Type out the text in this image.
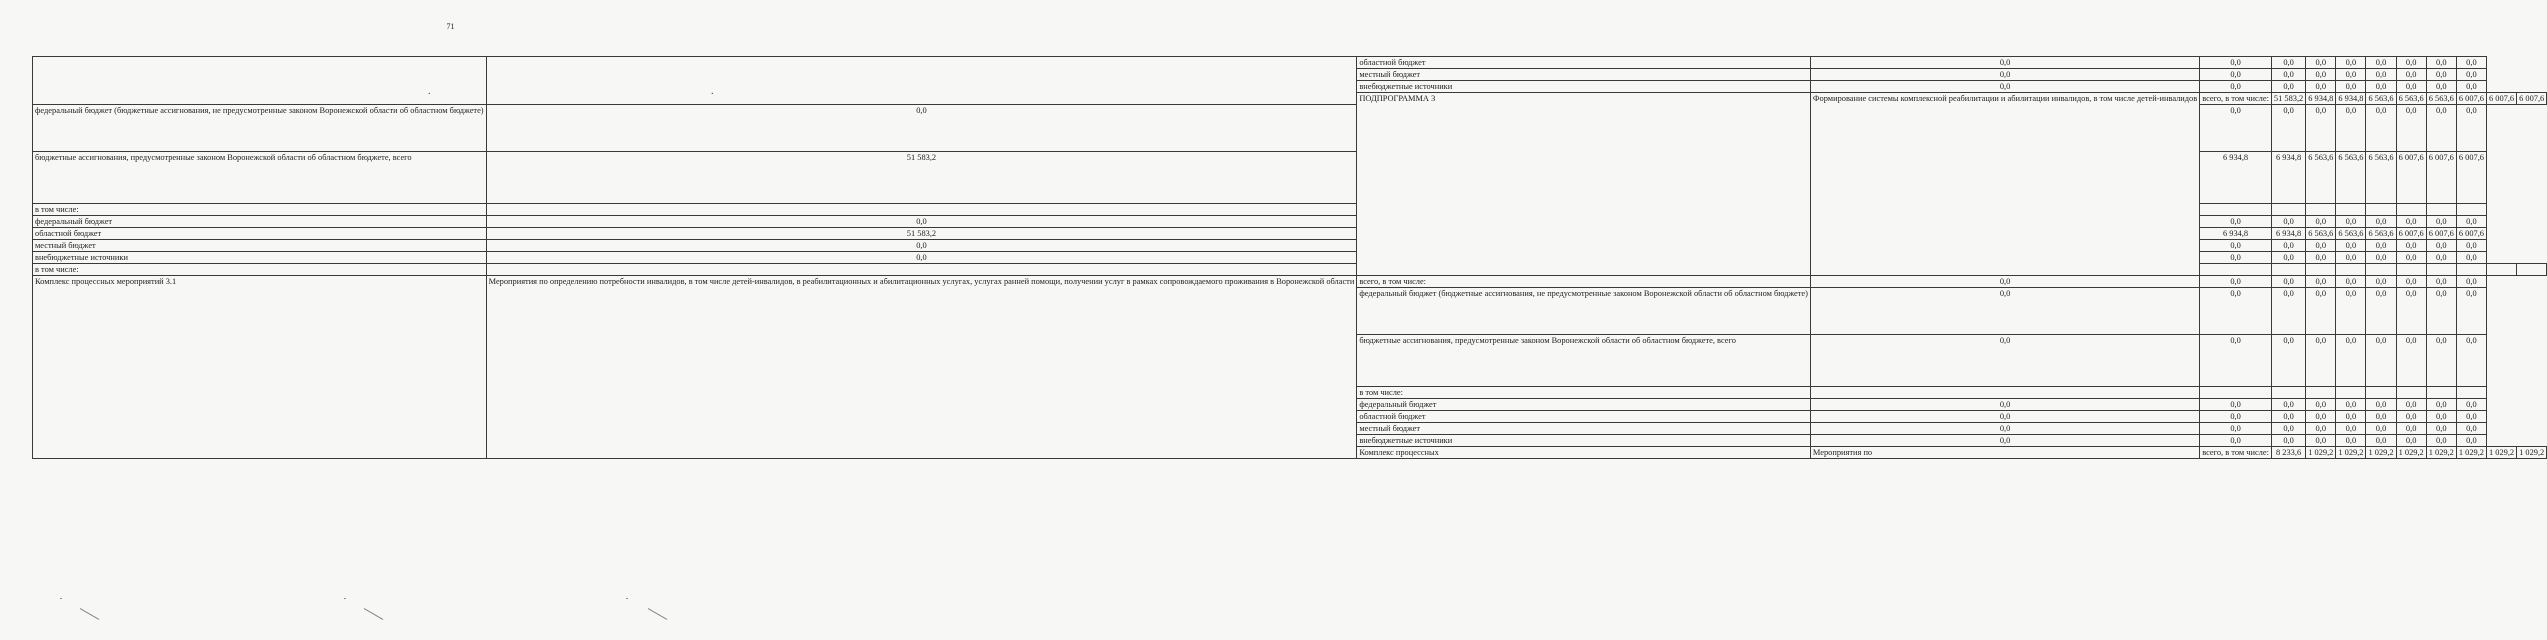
71
		областной бюджет	0,0	0,0	0,0	0,0	0,0	0,0	0,0	0,0	0,0		
		местный бюджет	0,0	0,0	0,0	0,0	0,0	0,0	0,0	0,0	0,0		
		внебюджетные источники	0,0	0,0	0,0	0,0	0,0	0,0	0,0	0,0	0,0		
		ПОДПРОГРАММА 3	Формирование системы комплексной реабилитации и абилитации инвалидов, в том числе детей-инвалидов	всего, в том числе:	51 583,2	6 934,8	6 934,8	6 563,6	6 563,6	6 563,6	6 007,6	6 007,6	6 007,6
федеральный бюджет (бюджетные ассигнования, не предусмотренные законом Воронежской области об областном бюджете)	0,0			0,0	0,0	0,0	0,0	0,0	0,0	0,0	0,0		
бюджетные ассигнования, предусмотренные законом Воронежской области об областном бюджете, всего	51 583,2			6 934,8	6 934,8	6 563,6	6 563,6	6 563,6	6 007,6	6 007,6	6 007,6		
в том числе:													
федеральный бюджет	0,0			0,0	0,0	0,0	0,0	0,0	0,0	0,0	0,0		
областной бюджет	51 583,2			6 934,8	6 934,8	6 563,6	6 563,6	6 563,6	6 007,6	6 007,6	6 007,6		
местный бюджет	0,0			0,0	0,0	0,0	0,0	0,0	0,0	0,0	0,0		
внебюджетные источники	0,0			0,0	0,0	0,0	0,0	0,0	0,0	0,0	0,0		
в том числе:													
Комплекс процессных мероприятий 3.1	Мероприятия по определению потребности инвалидов, в том числе детей-инвалидов, в реабилитационных и абилитационных услугах, услугах ранней помощи, получении услуг в рамках сопровождаемого проживания в Воронежской области	всего, в том числе:	0,0	0,0	0,0	0,0	0,0	0,0	0,0	0,0	0,0		
		федеральный бюджет (бюджетные ассигнования, не предусмотренные законом Воронежской области об областном бюджете)	0,0	0,0	0,0	0,0	0,0	0,0	0,0	0,0	0,0		
		бюджетные ассигнования, предусмотренные законом Воронежской области об областном бюджете, всего	0,0	0,0	0,0	0,0	0,0	0,0	0,0	0,0	0,0		
		в том числе:											
		федеральный бюджет	0,0	0,0	0,0	0,0	0,0	0,0	0,0	0,0	0,0		
		областной бюджет	0,0	0,0	0,0	0,0	0,0	0,0	0,0	0,0	0,0		
		местный бюджет	0,0	0,0	0,0	0,0	0,0	0,0	0,0	0,0	0,0		
		внебюджетные источники	0,0	0,0	0,0	0,0	0,0	0,0	0,0	0,0	0,0		
		Комплекс процессных	Мероприятия по	всего, в том числе:	8 233,6	1 029,2	1 029,2	1 029,2	1 029,2	1 029,2	1 029,2	1 029,2	1 029,2
.	.
